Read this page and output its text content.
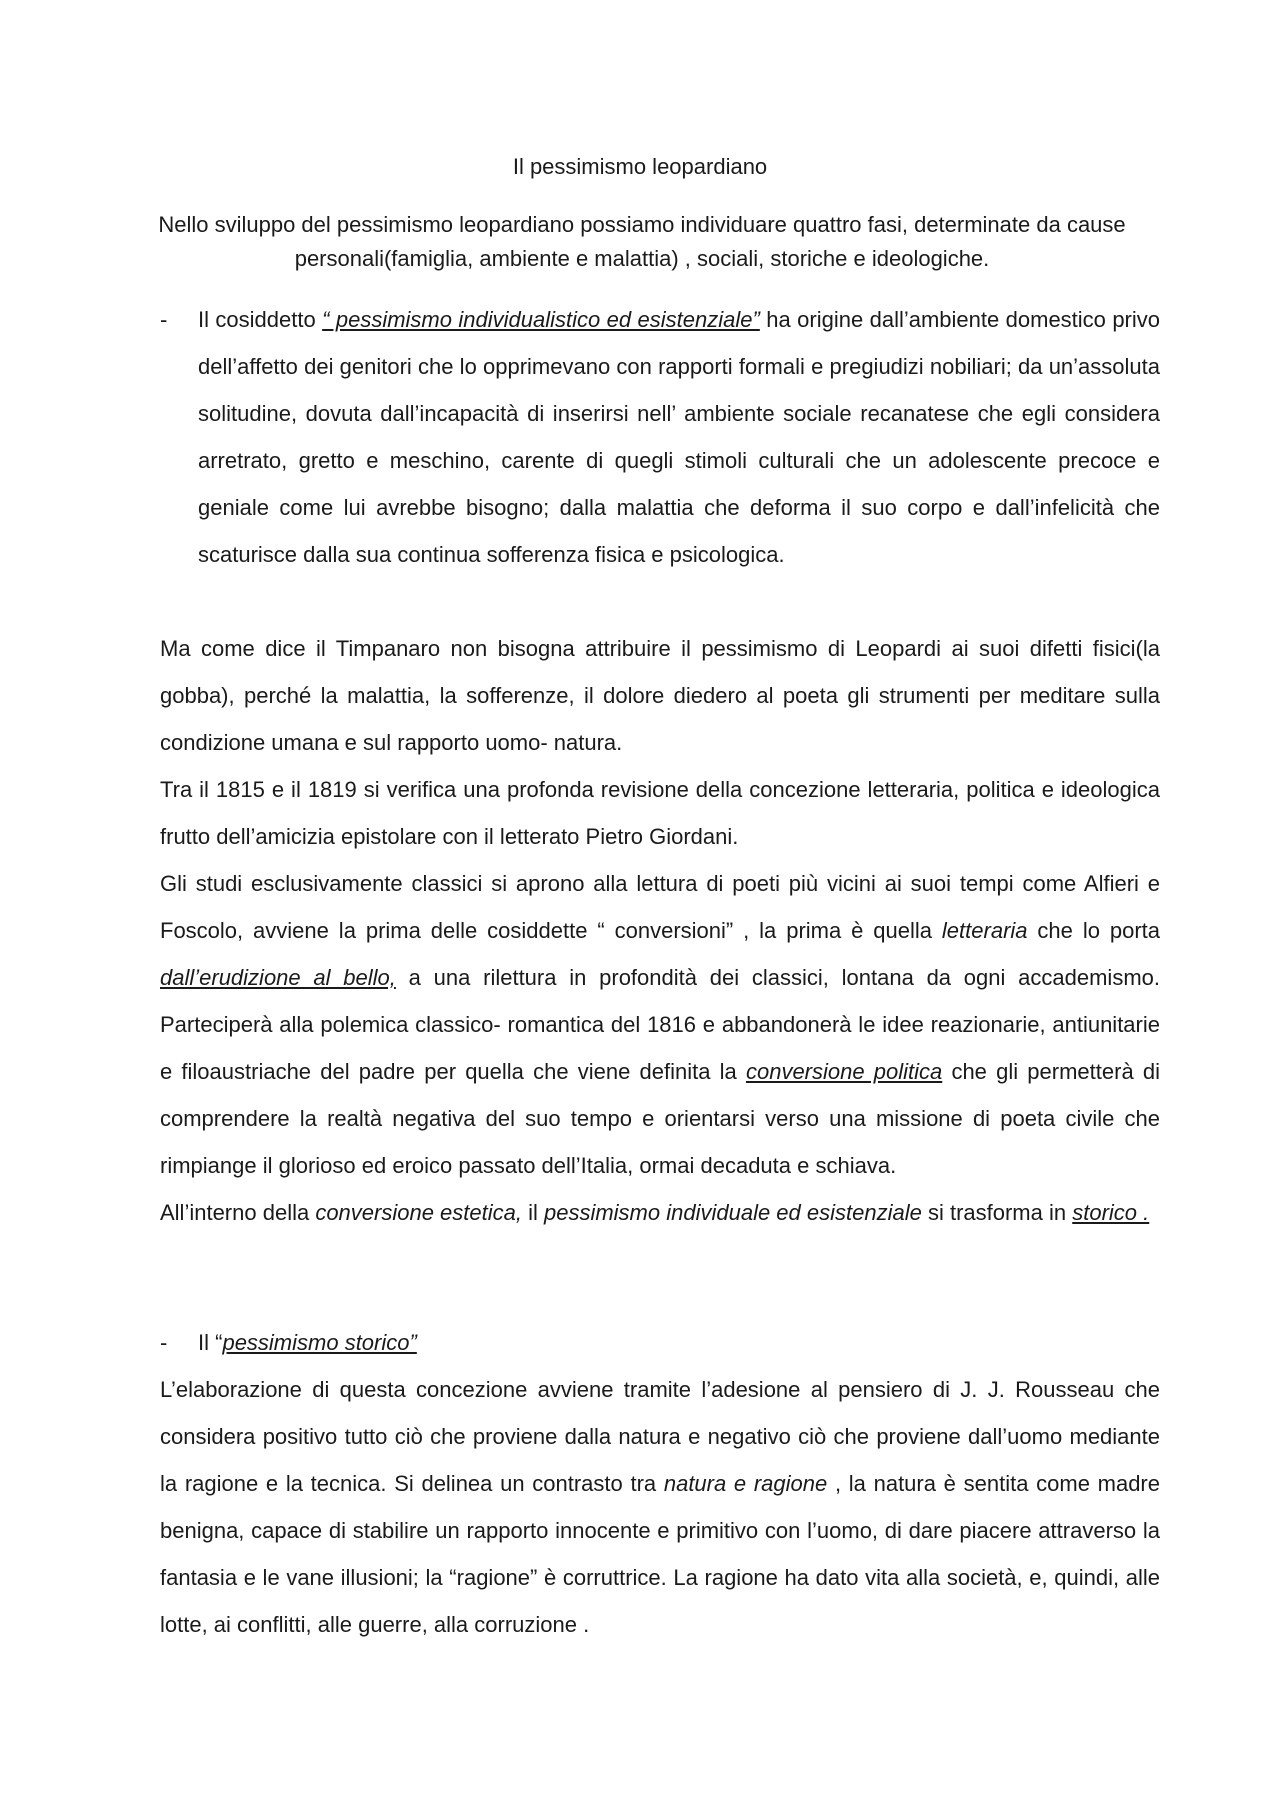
Il pessimismo leopardiano
Nello sviluppo del pessimismo leopardiano possiamo individuare quattro fasi, determinate da cause personali(famiglia, ambiente e malattia) , sociali, storiche e ideologiche.
- Il cosiddetto “ pessimismo individualistico ed esistenziale” ha origine dall’ambiente domestico privo dell’affetto dei genitori che lo opprimevano con rapporti formali e pregiudizi nobiliari; da un’assoluta solitudine, dovuta dall’incapacità di inserirsi nell’ ambiente sociale recanatese che egli considera arretrato, gretto e meschino, carente di quegli stimoli culturali che un adolescente precoce e geniale come lui avrebbe bisogno; dalla malattia che deforma il suo corpo e dall’infelicità che scaturisce dalla sua continua sofferenza fisica e psicologica.

Ma come dice il Timpanaro non bisogna attribuire il pessimismo di Leopardi ai suoi difetti fisici(la gobba), perché la malattia, la sofferenze, il dolore diedero al poeta gli strumenti per meditare sulla condizione umana e sul rapporto uomo- natura.

Tra il 1815 e il 1819 si verifica una profonda revisione della concezione letteraria, politica e ideologica frutto dell’amicizia epistolare con il letterato Pietro Giordani.

Gli studi esclusivamente classici si aprono alla lettura di poeti più vicini ai suoi tempi come Alfieri e Foscolo, avviene la prima delle cosiddette “ conversioni” , la prima è quella letteraria che lo porta dall’erudizione al bello, a una rilettura in profondità dei classici, lontana da ogni accademismo. Parteciperà alla polemica classico- romantica del 1816 e abbandonerà le idee reazionarie, antiunitarie e filoaustriache del padre per quella che viene definita la conversione politica che gli permetterà di comprendere la realtà negativa del suo tempo e orientarsi verso una missione di poeta civile che rimpiange il glorioso ed eroico passato dell’Italia, ormai decaduta e schiava.

All’interno della conversione estetica, il pessimismo individuale ed esistenziale si trasforma in storico .

- Il “pessimismo storico”

L’elaborazione di questa concezione avviene tramite l’adesione al pensiero di J. J. Rousseau che considera positivo tutto ciò che proviene dalla natura e negativo ciò che proviene dall’uomo mediante la ragione e la tecnica. Si delinea un contrasto tra natura e ragione , la natura è sentita come madre benigna, capace di stabilire un rapporto innocente e primitivo con l’uomo, di dare piacere attraverso la fantasia e le vane illusioni; la “ragione” è corruttrice. La ragione ha dato vita alla società, e, quindi, alle lotte, ai conflitti, alle guerre, alla corruzione .
